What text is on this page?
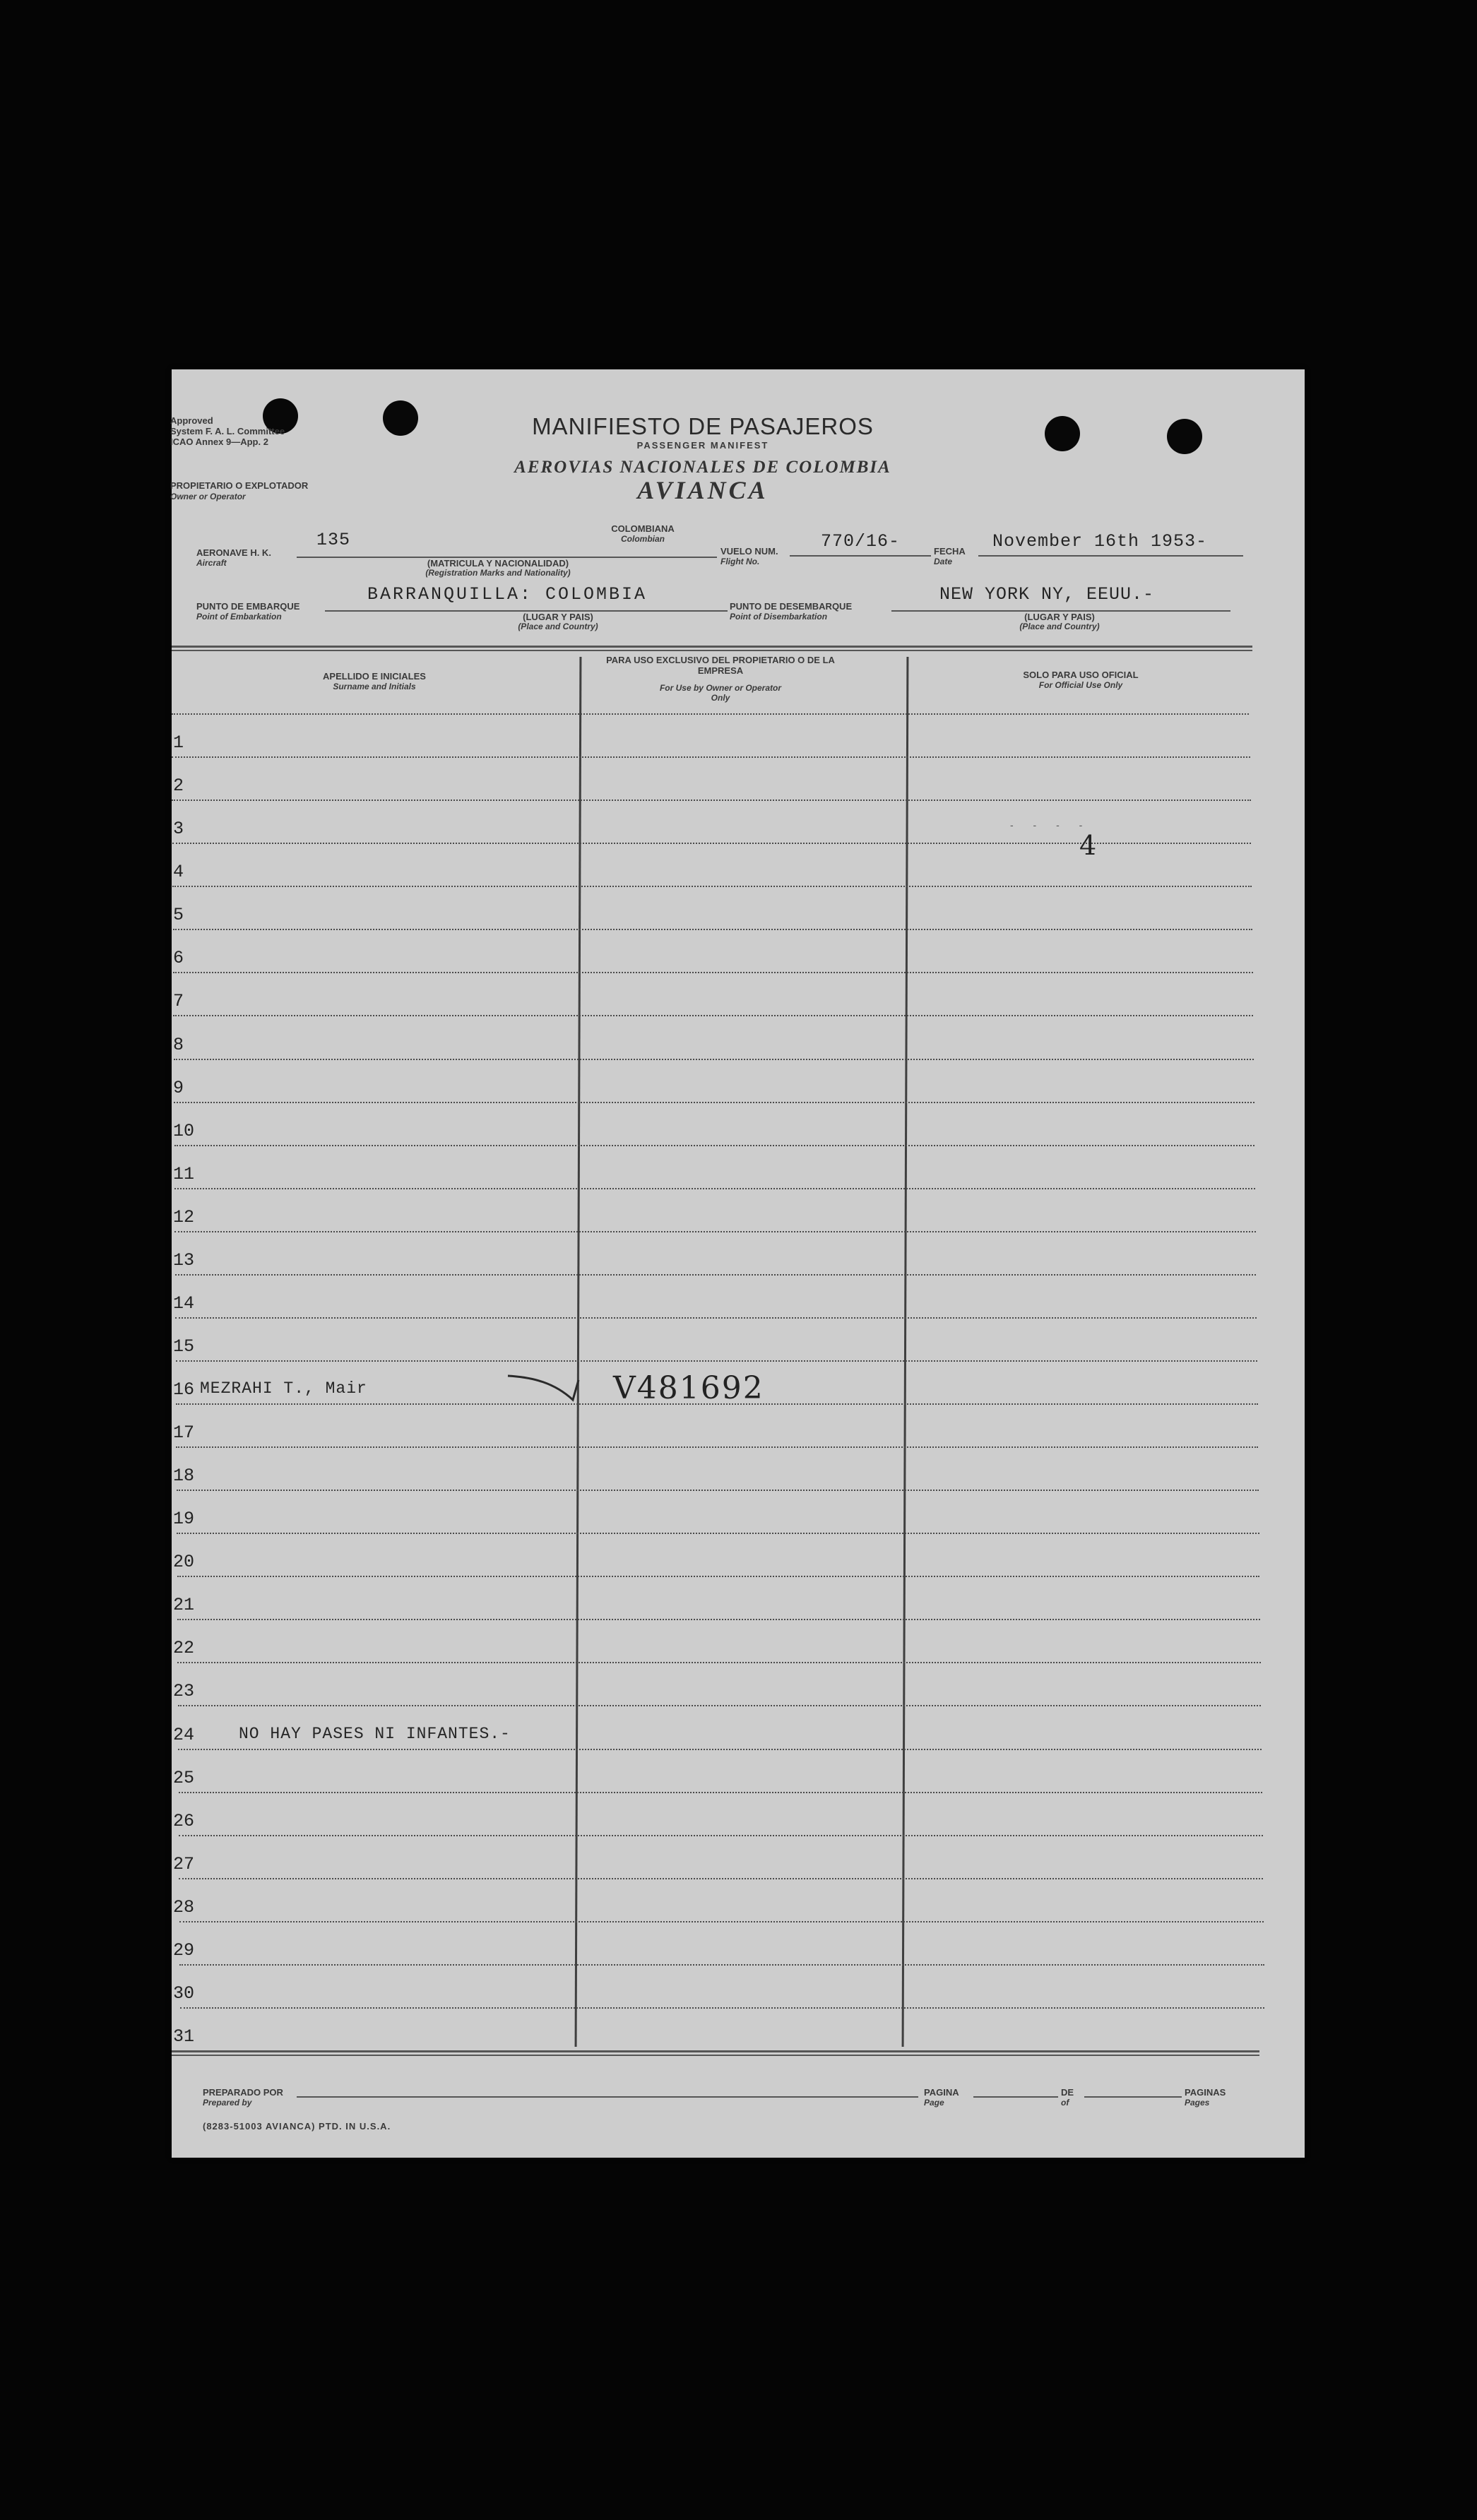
Approved
System F. A. L. Committee
ICAO Annex 9—App. 2
MANIFIESTO DE PASAJEROS
PASSENGER MANIFEST
AEROVIAS NACIONALES DE COLOMBIA
AVIANCA
PROPIETARIO O EXPLOTADOR
Owner or Operator
COLOMBIANA
Colombian
AERONAVE H. K.
Aircraft
135
(MATRICULA Y NACIONALIDAD)
(Registration Marks and Nationality)
VUELO NUM.
Flight No.
770/16-	FECHA
Date
November 16th 1953-
PUNTO DE EMBARQUE
Point of Embarkation
BARRANQUILLA: COLOMBIA
(LUGAR Y PAIS)
(Place and Country)
PUNTO DE DESEMBARQUE
Point of Disembarkation
NEW YORK NY, EEUU.-
(LUGAR Y PAIS)
(Place and Country)
APELLIDO E INICIALES
Surname and Initials
PARA USO EXCLUSIVO DEL PROPIETARIO O DE LA EMPRESA
For Use by Owner or Operator Only
SOLO PARA USO OFICIAL
For Official Use Only
1
2
3
4
5
6
7
8
9
10
11
12
13
14
15
16 MEZRAHI T., Mair
17
18
19
20
21
22
23
24	NO HAY PASES NI INFANTES.-
25
26
27
28
29
30
31
V481692
4
- - - -
PREPARADO POR
Prepared by
PAGINA
Page
DE
of
PAGINAS
Pages
(8283-51003 AVIANCA) PTD. IN U.S.A.
